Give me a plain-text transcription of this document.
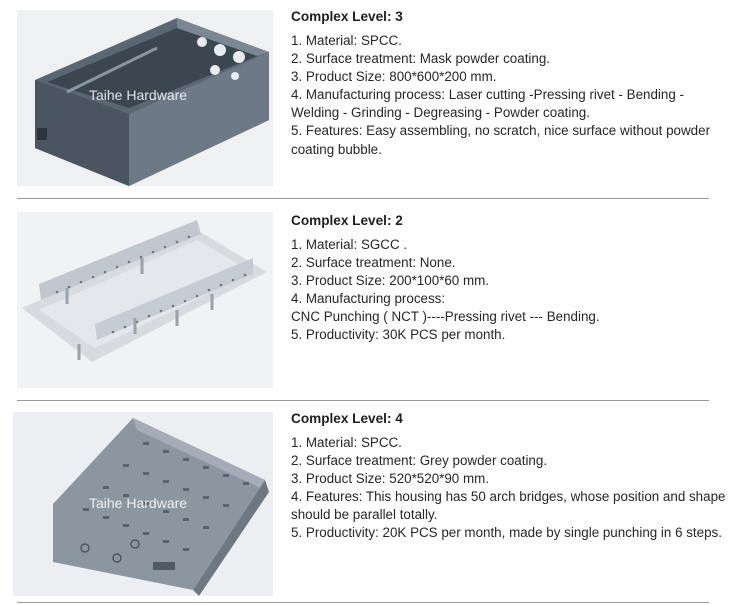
Taihe Hardware
Complex Level: 3

1. Material: SPCC.

2. Surface treatment: Mask powder coating.

3. Product Size: 800*600*200 mm.

4. Manufacturing process: Laser cutting -Pressing rivet - Bending - Welding - Grinding - Degreasing - Powder coating.

5. Features: Easy assembling, no scratch, nice surface without powder coating bubble.

Complex Level: 2

1. Material: SGCC .

2. Surface treatment: None.

3. Product Size: 200*100*60 mm.

4. Manufacturing process:

CNC Punching ( NCT )----Pressing rivet --- Bending.

5. Productivity: 30K PCS per month.

Taihe Hardware
Complex Level: 4

1. Material: SPCC.

2. Surface treatment: Grey powder coating.

3. Product Size: 520*520*90 mm.

4. Features: This housing has 50 arch bridges, whose position and shape should be parallel totally.

5. Productivity: 20K PCS per month, made by single punching in 6 steps.
